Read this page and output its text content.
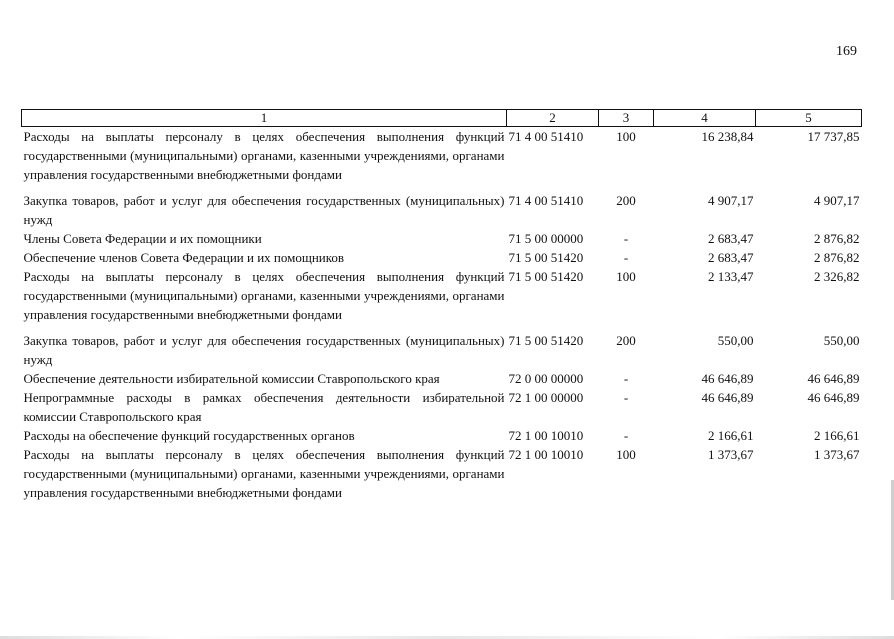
169
1	2	3	4	5
Расходы на выплаты персоналу в целях обеспечения выполнения функций государственными (муниципальными) органами, казенными учреждениями, органами управления государственными внебюджетными фондами	71 4 00 51410	100	16 238,84	17 737,85
Закупка товаров, работ и услуг для обеспечения государственных (муниципальных) нужд	71 4 00 51410	200	4 907,17	4 907,17
Члены Совета Федерации и их помощники	71 5 00 00000	-	2 683,47	2 876,82
Обеспечение членов Совета Федерации и их помощников	71 5 00 51420	-	2 683,47	2 876,82
Расходы на выплаты персоналу в целях обеспечения выполнения функций государственными (муниципальными) органами, казенными учреждениями, органами управления государственными внебюджетными фондами	71 5 00 51420	100	2 133,47	2 326,82
Закупка товаров, работ и услуг для обеспечения государственных (муниципальных) нужд	71 5 00 51420	200	550,00	550,00
Обеспечение деятельности избирательной комиссии Ставропольского края	72 0 00 00000	-	46 646,89	46 646,89
Непрограммные расходы в рамках обеспечения деятельности избирательной комиссии Ставропольского края	72 1 00 00000	-	46 646,89	46 646,89
Расходы на обеспечение функций государственных органов	72 1 00 10010	-	2 166,61	2 166,61
Расходы на выплаты персоналу в целях обеспечения выполнения функций государственными (муниципальными) органами, казенными учреждениями, органами управления государственными внебюджетными фондами	72 1 00 10010	100	1 373,67	1 373,67
